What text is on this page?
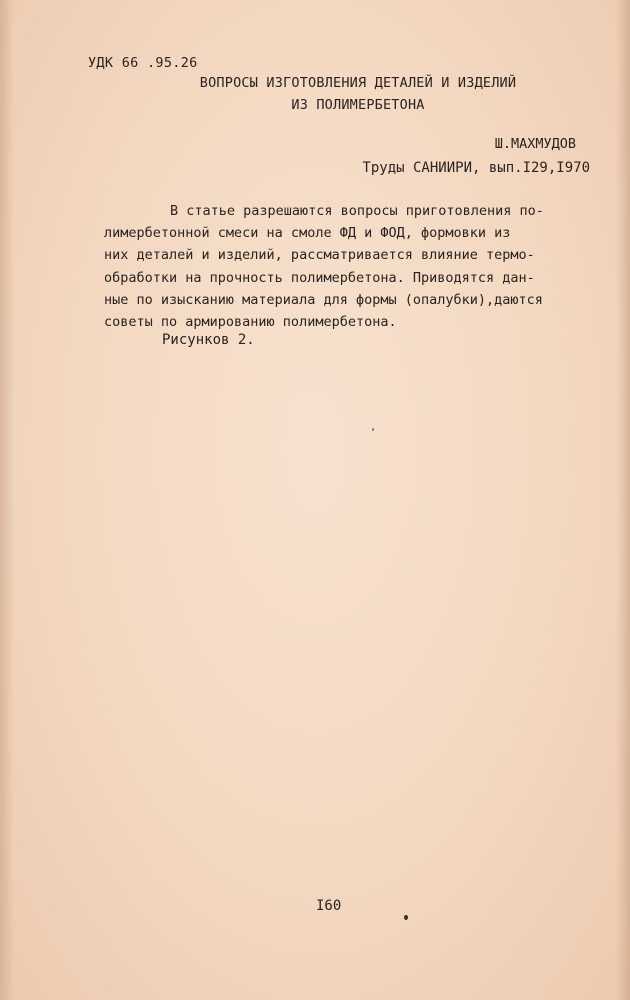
УДК 66 .95.26
ВОПРОСЫ ИЗГОТОВЛЕНИЯ ДЕТАЛЕЙ И ИЗДЕЛИЙ
ИЗ ПОЛИМЕРБЕТОНА
Ш.МАХМУДОВ
Труды САНИИРИ, вып.I29,I970
В статье разрешаются вопросы приготовления по-
лимербетонной смеси на смоле ФД и ФОД, формовки из
них деталей и изделий, рассматривается влияние термо-
обработки на прочность полимербетона. Приводятся дан-
ные по изысканию материала для формы (опалубки),даются
советы по армированию полимербетона.
Рисунков 2.
I60
